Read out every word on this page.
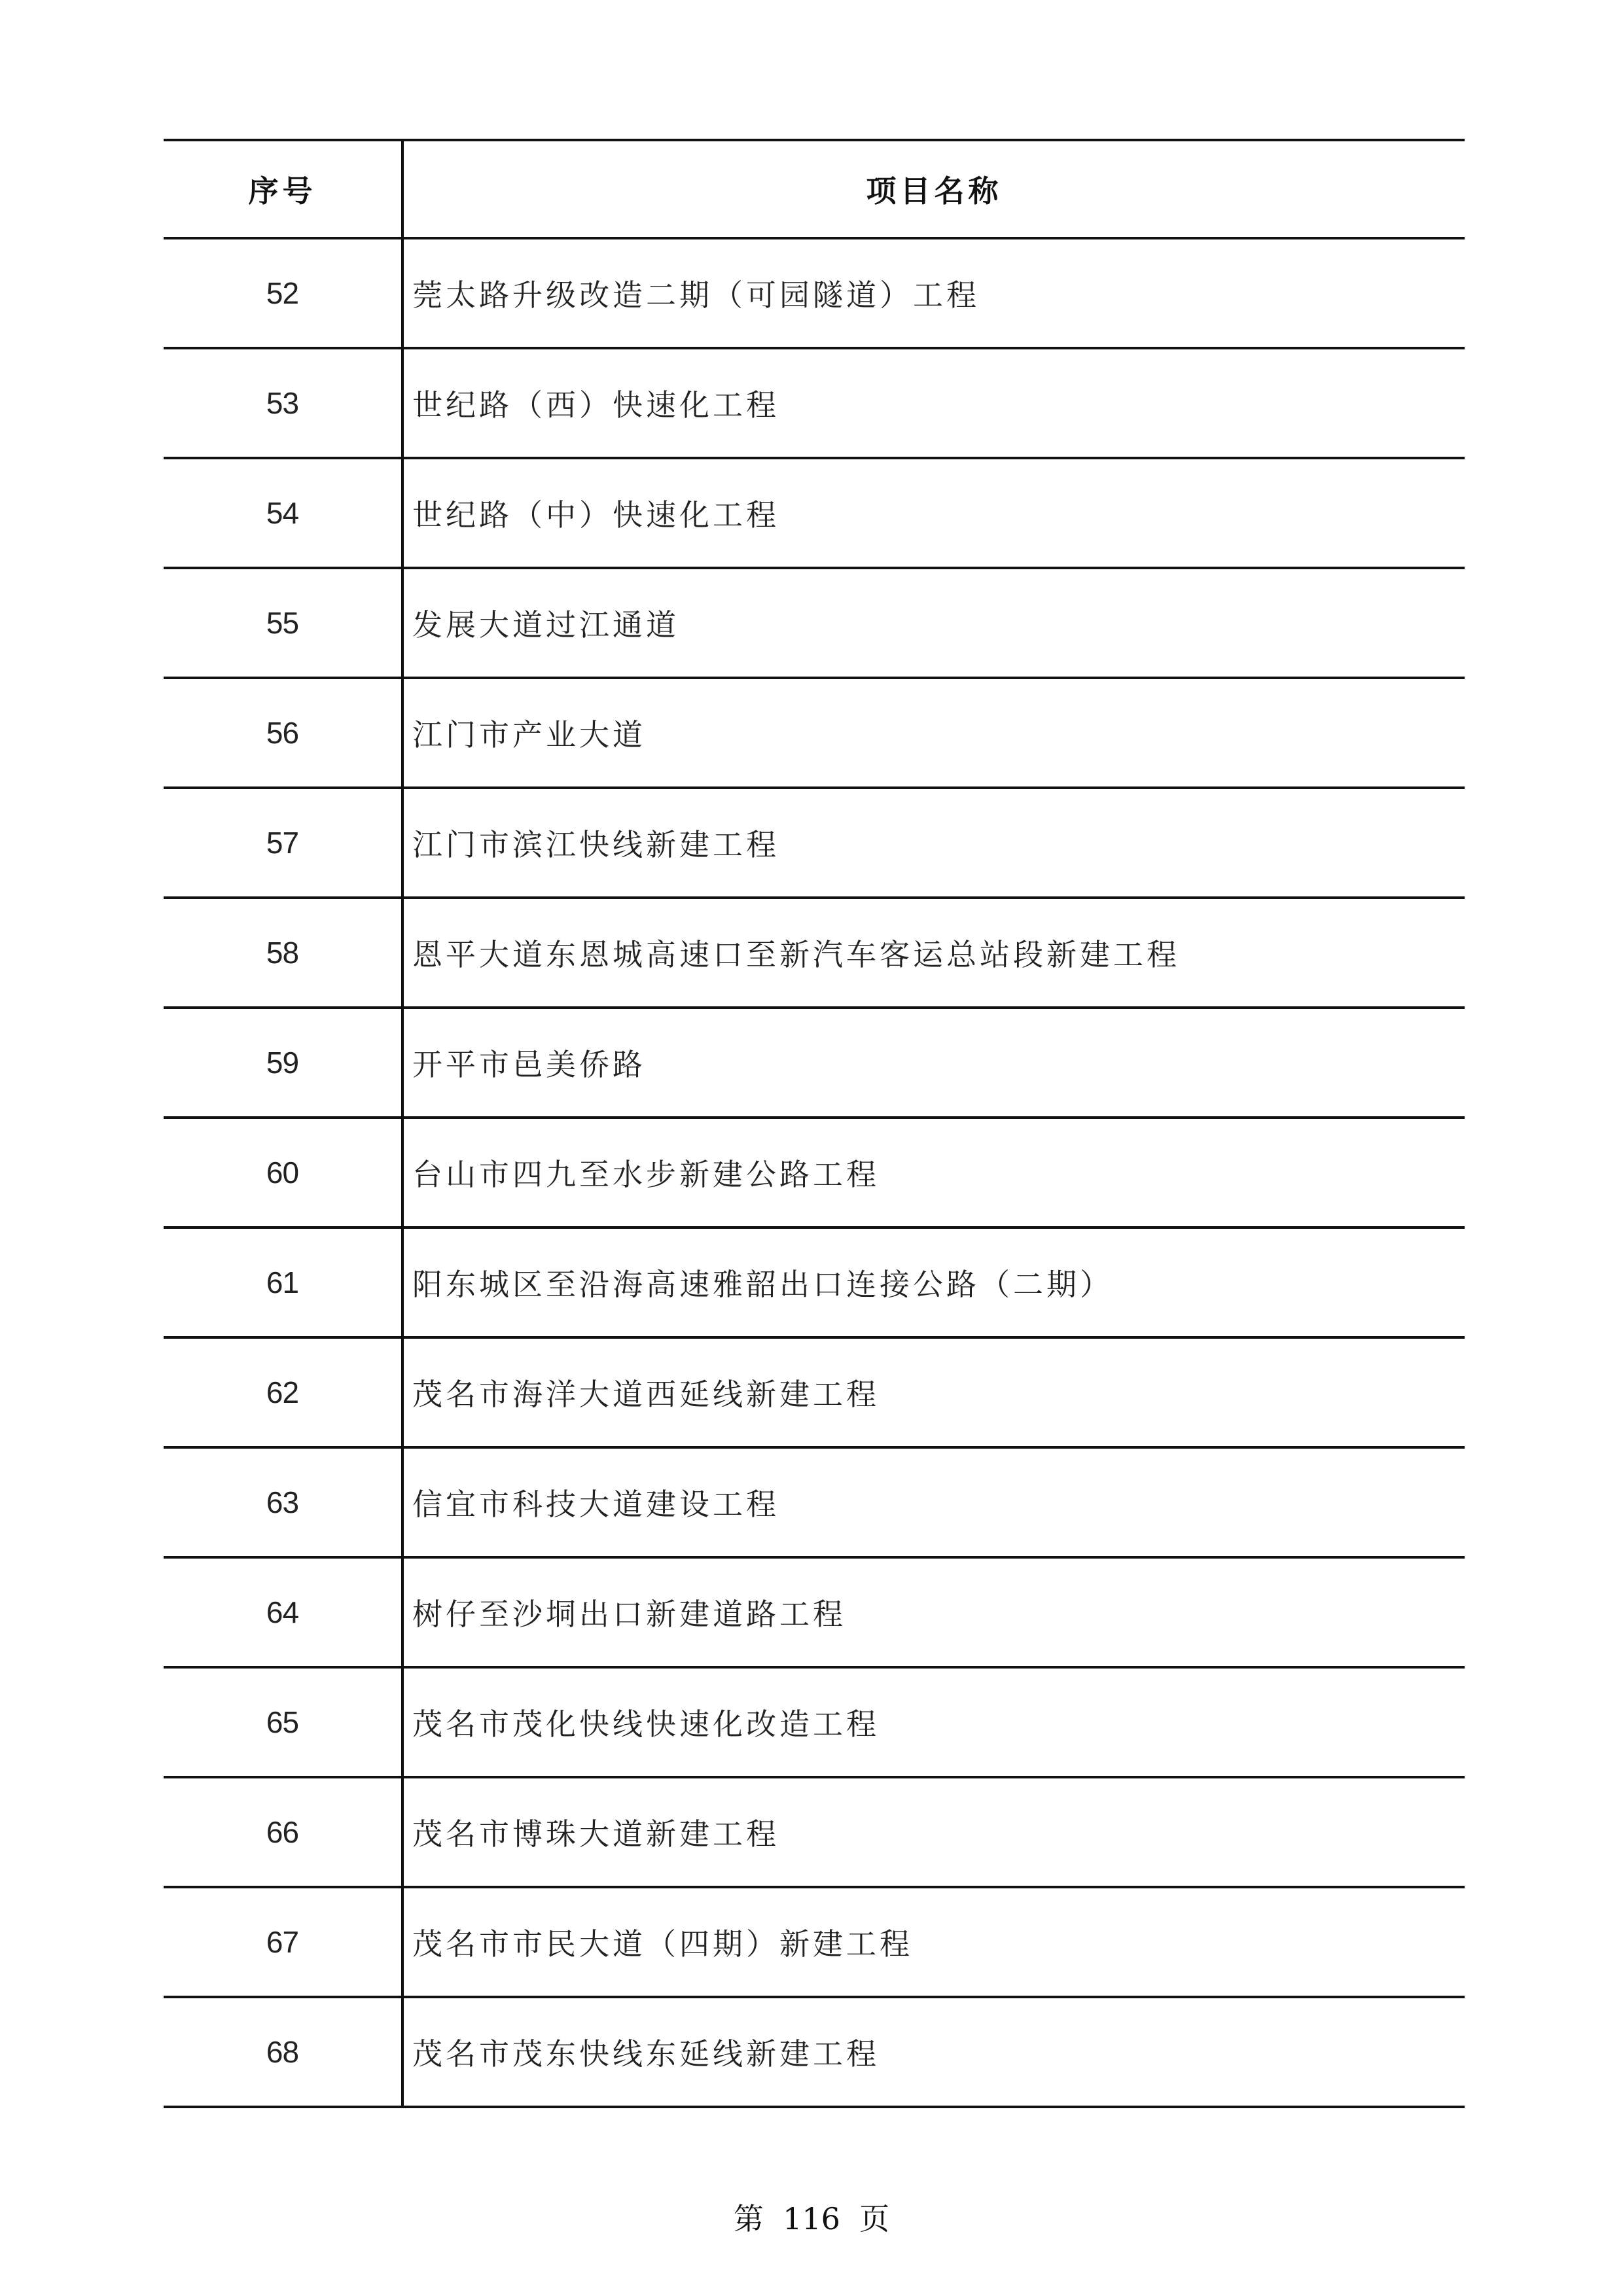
序号	项目名称
52	莞太路升级改造二期（可园隧道）工程
53	世纪路（西）快速化工程
54	世纪路（中）快速化工程
55	发展大道过江通道
56	江门市产业大道
57	江门市滨江快线新建工程
58	恩平大道东恩城高速口至新汽车客运总站段新建工程
59	开平市邑美侨路
60	台山市四九至水步新建公路工程
61	阳东城区至沿海高速雅韶出口连接公路（二期）
62	茂名市海洋大道西延线新建工程
63	信宜市科技大道建设工程
64	树仔至沙垌出口新建道路工程
65	茂名市茂化快线快速化改造工程
66	茂名市博珠大道新建工程
67	茂名市市民大道（四期）新建工程
68	茂名市茂东快线东延线新建工程
第  116  页
